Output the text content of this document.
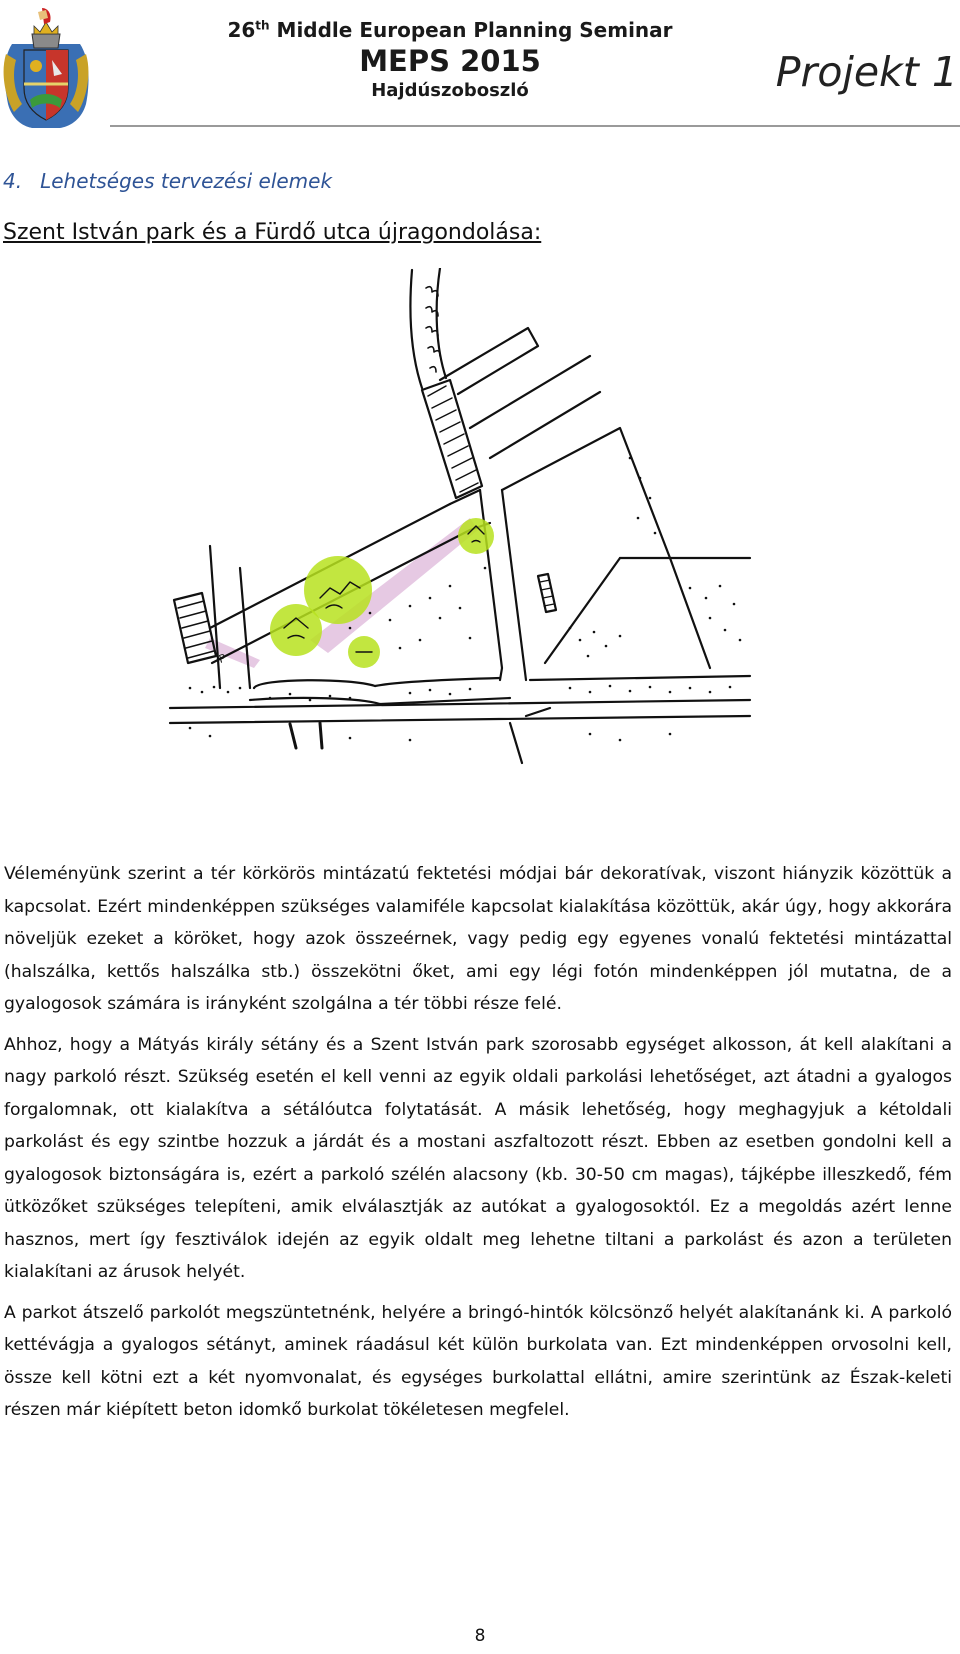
26th Middle European Planning Seminar
MEPS 2015
Hajdúszoboszló	Projekt 1
4. Lehetséges tervezési elemek
Szent István park és a Fürdő utca újragondolása:
P

Véleményünk szerint a tér körkörös mintázatú fektetési módjai bár dekoratívak, viszont hiányzik közöttük a kapcsolat. Ezért mindenképpen szükséges valamiféle kapcsolat kialakítása közöttük, akár úgy, hogy akkorára növeljük ezeket a köröket, hogy azok összeérnek, vagy pedig egy egyenes vonalú fektetési mintázattal (halszálka, kettős halszálka stb.) összekötni őket, ami egy légi fotón mindenképpen jól mutatna, de a gyalogosok számára is irányként szolgálna a tér többi része felé.

Ahhoz, hogy a Mátyás király sétány és a Szent István park szorosabb egységet alkosson, át kell alakítani a nagy parkoló részt. Szükség esetén el kell venni az egyik oldali parkolási lehetőséget, azt átadni a gyalogos forgalomnak, ott kialakítva a sétálóutca folytatását. A másik lehetőség, hogy meghagyjuk a kétoldali parkolást és egy szintbe hozzuk a járdát és a mostani aszfaltozott részt. Ebben az esetben gondolni kell a gyalogosok biztonságára is, ezért a parkoló szélén alacsony (kb. 30-50 cm magas), tájképbe illeszkedő, fém ütközőket szükséges telepíteni, amik elválasztják az autókat a gyalogosoktól. Ez a megoldás azért lenne hasznos, mert így fesztiválok idején az egyik oldalt meg lehetne tiltani a parkolást és azon a területen kialakítani az árusok helyét.

A parkot átszelő parkolót megszüntetnénk, helyére a bringó-hintók kölcsönző helyét alakítanánk ki. A parkoló kettévágja a gyalogos sétányt, aminek ráadásul két külön burkolata van. Ezt mindenképpen orvosolni kell, össze kell kötni ezt a két nyomvonalat, és egységes burkolattal ellátni, amire szerintünk az Észak-keleti részen már kiépített beton idomkő burkolat tökéletesen megfelel.

8
